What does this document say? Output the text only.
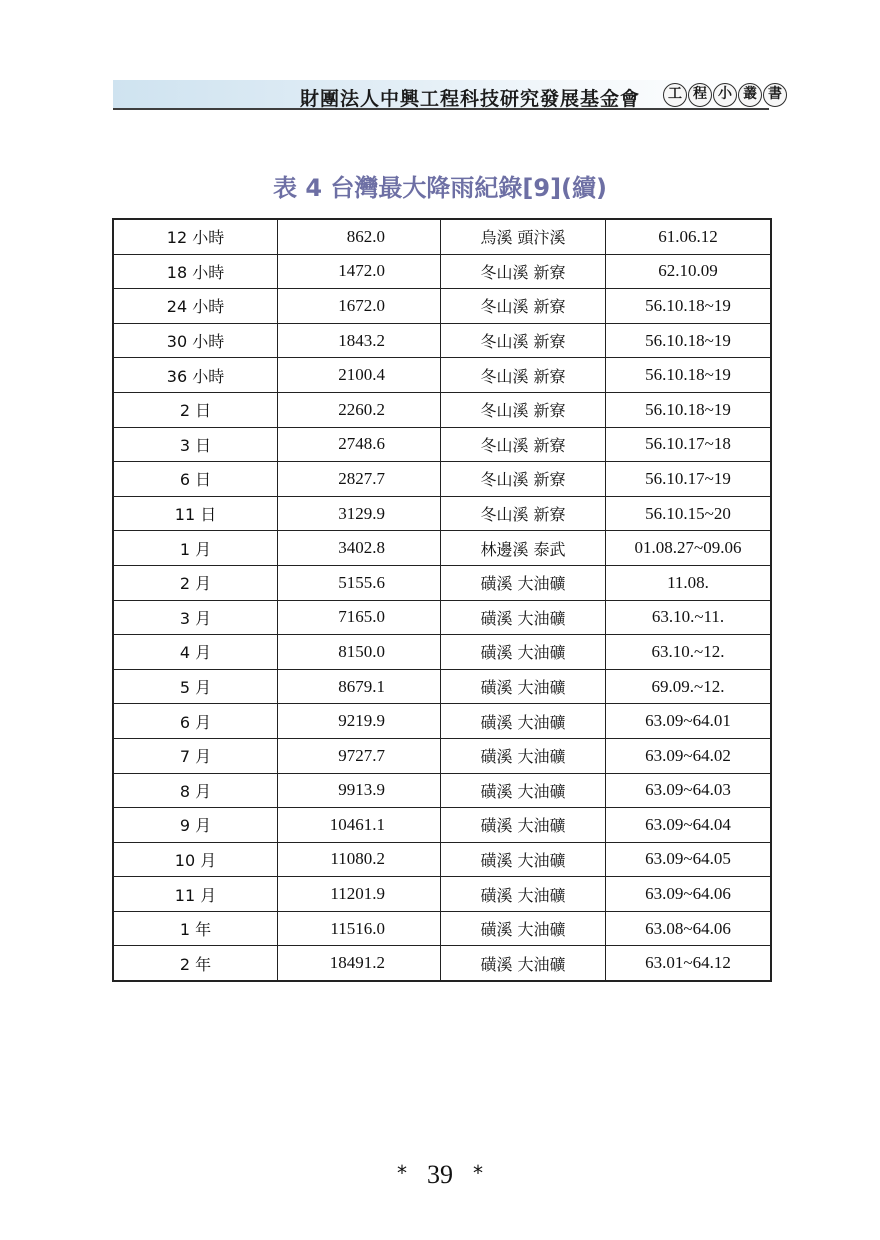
財團法人中興工程科技研究發展基金會	工 程 小 叢 書
表 4 台灣最大降雨紀錄[9](續)
12 小時	862.0	烏溪 頭汴溪	61.06.12
18 小時	1472.0	冬山溪 新寮	62.10.09
24 小時	1672.0	冬山溪 新寮	56.10.18~19
30 小時	1843.2	冬山溪 新寮	56.10.18~19
36 小時	2100.4	冬山溪 新寮	56.10.18~19
2 日	2260.2	冬山溪 新寮	56.10.18~19
3 日	2748.6	冬山溪 新寮	56.10.17~18
6 日	2827.7	冬山溪 新寮	56.10.17~19
11 日	3129.9	冬山溪 新寮	56.10.15~20
1 月	3402.8	林邊溪 泰武	01.08.27~09.06
2 月	5155.6	磺溪 大油礦	11.08.
3 月	7165.0	磺溪 大油礦	63.10.~11.
4 月	8150.0	磺溪 大油礦	63.10.~12.
5 月	8679.1	磺溪 大油礦	69.09.~12.
6 月	9219.9	磺溪 大油礦	63.09~64.01
7 月	9727.7	磺溪 大油礦	63.09~64.02
8 月	9913.9	磺溪 大油礦	63.09~64.03
9 月	10461.1	磺溪 大油礦	63.09~64.04
10 月	11080.2	磺溪 大油礦	63.09~64.05
11 月	11201.9	磺溪 大油礦	63.09~64.06
1 年	11516.0	磺溪 大油礦	63.08~64.06
2 年	18491.2	磺溪 大油礦	63.01~64.12
* 39 *
